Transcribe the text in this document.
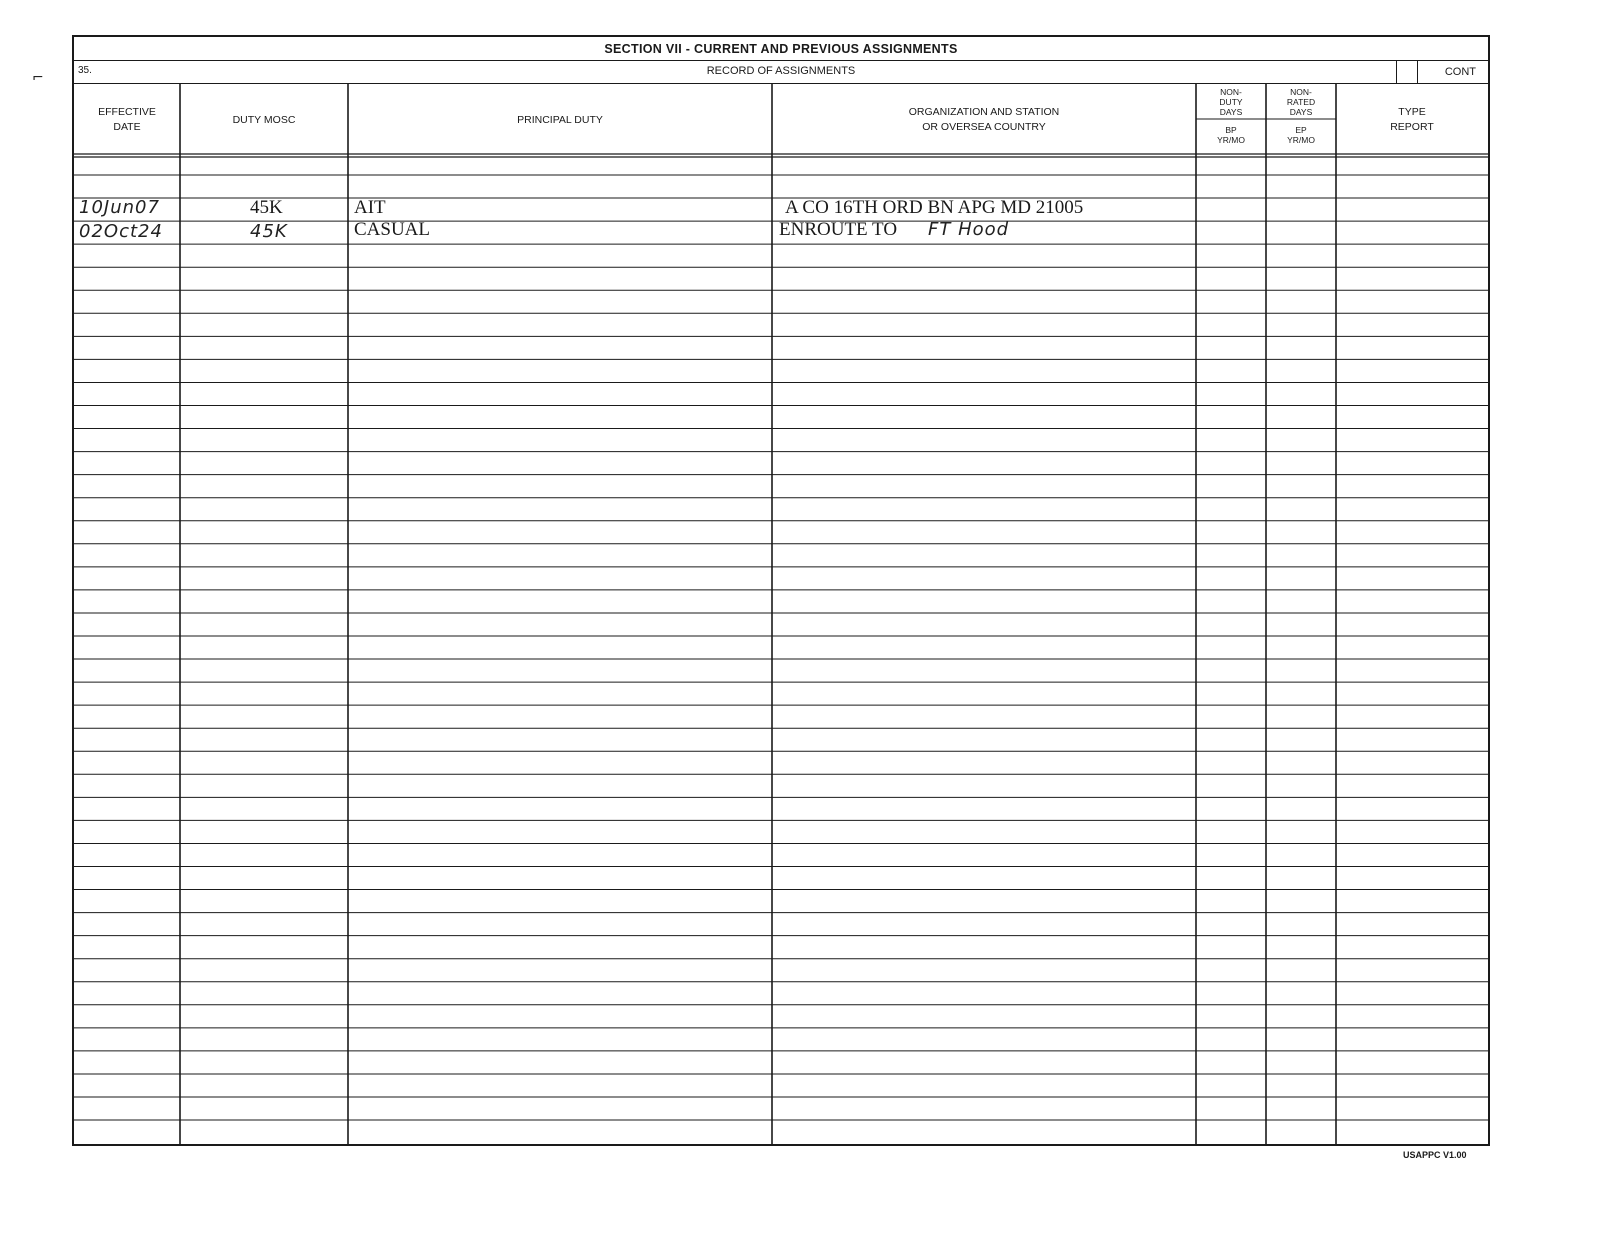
⌐
SECTION VII - CURRENT AND PREVIOUS ASSIGNMENTS
35.	RECORD OF ASSIGNMENTS	CONT
EFFECTIVE DATE
DUTY MOSC	PRINCIPAL DUTY
ORGANIZATION AND STATION OR OVERSEA COUNTRY
NON- DUTY DAYS
BP YR/MO
NON- RATED DAYS
EP YR/MO
TYPE REPORT
10Jun07	45K	AIT	A CO 16TH ORD BN APG MD 21005
02Oct24	45K	CASUAL	ENROUTE TO FT Hood
USAPPC V1.00
